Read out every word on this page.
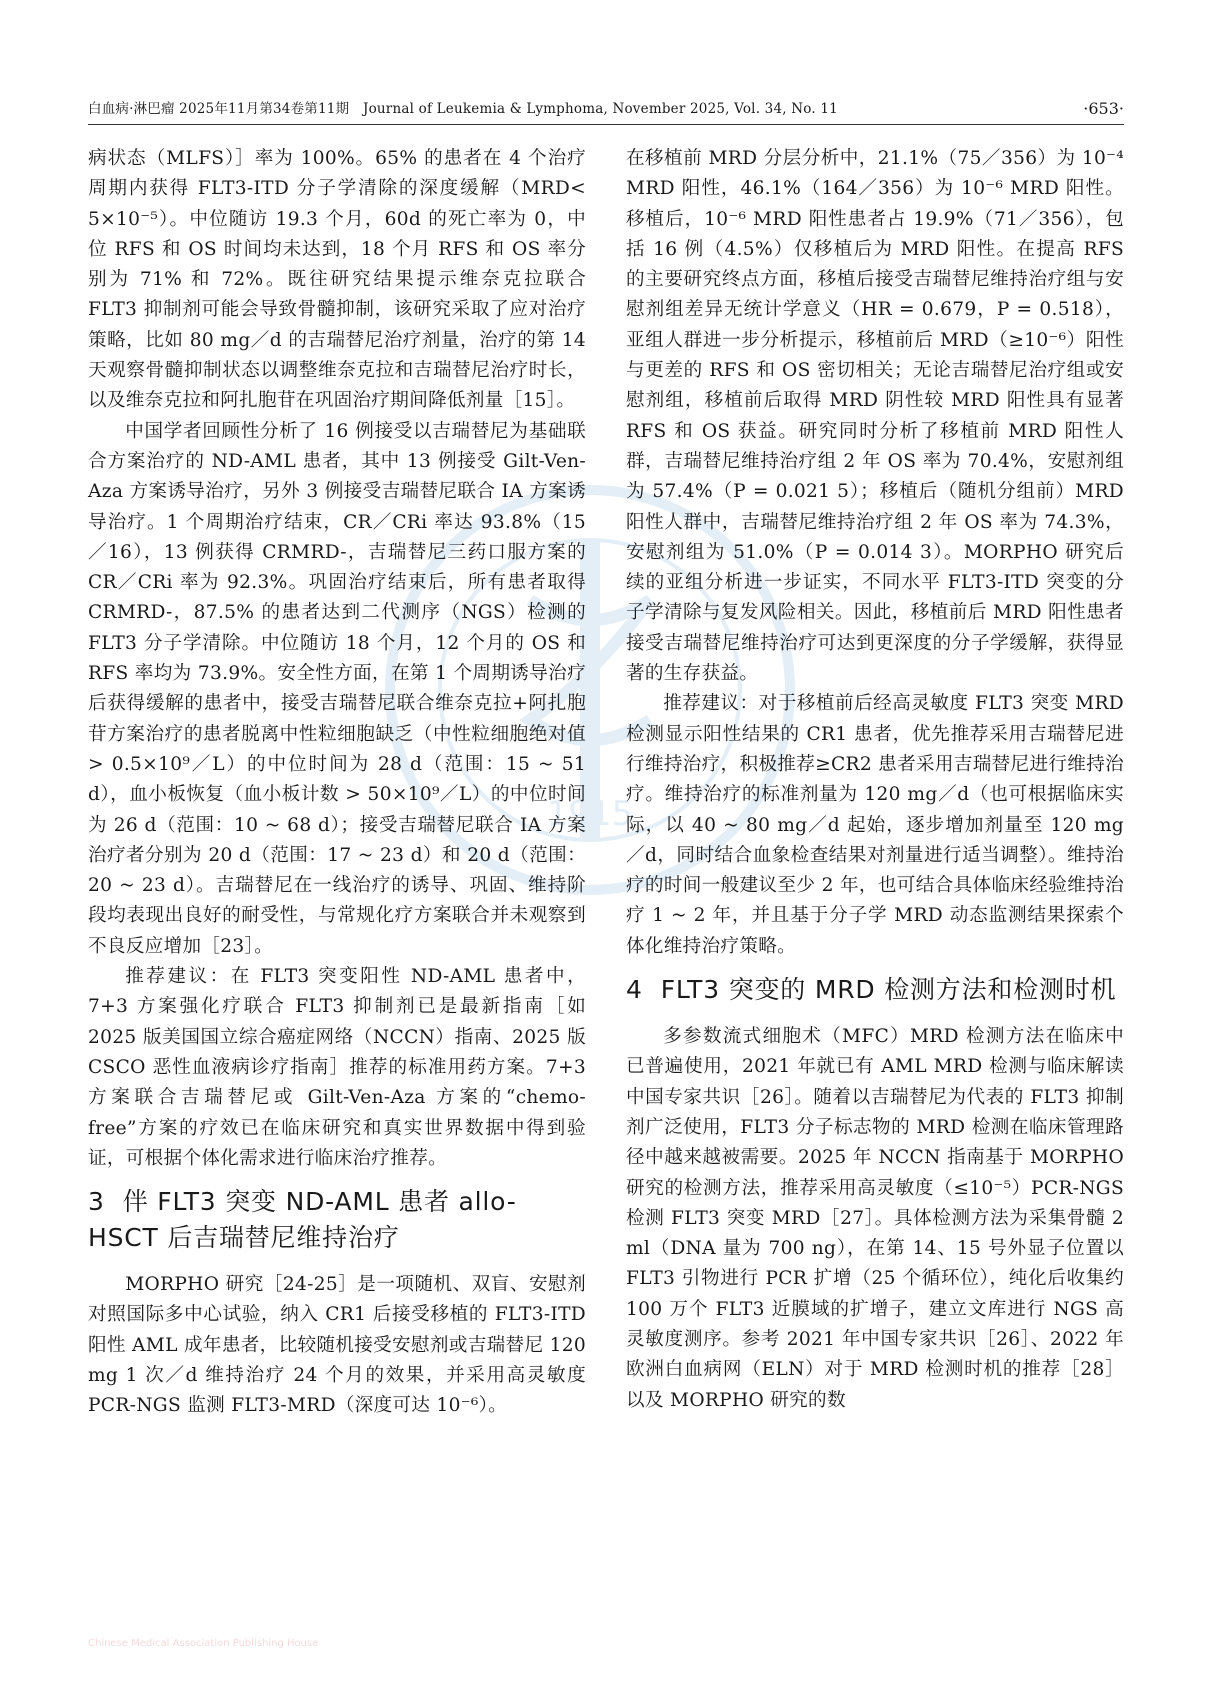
白血病·淋巴瘤 2025年11月第34卷第11期　Journal of Leukemia & Lymphoma, November 2025, Vol. 34, No. 11	·653·
1915

病状态（MLFS）］率为 100%。65% 的患者在 4 个治疗周期内获得 FLT3-ITD 分子学清除的深度缓解（MRD< 5×10⁻⁵）。中位随访 19.3 个月，60d 的死亡率为 0，中位 RFS 和 OS 时间均未达到，18 个月 RFS 和 OS 率分别为 71% 和 72%。既往研究结果提示维奈克拉联合 FLT3 抑制剂可能会导致骨髓抑制，该研究采取了应对治疗策略，比如 80 mg／d 的吉瑞替尼治疗剂量，治疗的第 14 天观察骨髓抑制状态以调整维奈克拉和吉瑞替尼治疗时长，以及维奈克拉和阿扎胞苷在巩固治疗期间降低剂量［15］。

中国学者回顾性分析了 16 例接受以吉瑞替尼为基础联合方案治疗的 ND-AML 患者，其中 13 例接受 Gilt-Ven-Aza 方案诱导治疗，另外 3 例接受吉瑞替尼联合 IA 方案诱导治疗。1 个周期治疗结束，CR／CRi 率达 93.8%（15／16），13 例获得 CRMRD-，吉瑞替尼三药口服方案的 CR／CRi 率为 92.3%。巩固治疗结束后，所有患者取得 CRMRD-，87.5% 的患者达到二代测序（NGS）检测的 FLT3 分子学清除。中位随访 18 个月，12 个月的 OS 和 RFS 率均为 73.9%。安全性方面，在第 1 个周期诱导治疗后获得缓解的患者中，接受吉瑞替尼联合维奈克拉+阿扎胞苷方案治疗的患者脱离中性粒细胞缺乏（中性粒细胞绝对值 > 0.5×10⁹／L）的中位时间为 28 d（范围：15 ~ 51 d），血小板恢复（血小板计数 > 50×10⁹／L）的中位时间为 26 d（范围：10 ~ 68 d）；接受吉瑞替尼联合 IA 方案治疗者分别为 20 d（范围：17 ~ 23 d）和 20 d（范围：20 ~ 23 d）。吉瑞替尼在一线治疗的诱导、巩固、维持阶段均表现出良好的耐受性，与常规化疗方案联合并未观察到不良反应增加［23］。

推荐建议：在 FLT3 突变阳性 ND-AML 患者中，7+3 方案强化疗联合 FLT3 抑制剂已是最新指南［如 2025 版美国国立综合癌症网络（NCCN）指南、2025 版 CSCO 恶性血液病诊疗指南］推荐的标准用药方案。7+3 方案联合吉瑞替尼或 Gilt-Ven-Aza 方案的“chemo-free”方案的疗效已在临床研究和真实世界数据中得到验证，可根据个体化需求进行临床治疗推荐。

3 伴 FLT3 突变 ND-AML 患者 allo-HSCT 后吉瑞替尼维持治疗

MORPHO 研究［24-25］是一项随机、双盲、安慰剂对照国际多中心试验，纳入 CR1 后接受移植的 FLT3-ITD 阳性 AML 成年患者，比较随机接受安慰剂或吉瑞替尼 120 mg 1 次／d 维持治疗 24 个月的效果，并采用高灵敏度 PCR-NGS 监测 FLT3-MRD（深度可达 10⁻⁶）。

在移植前 MRD 分层分析中，21.1%（75／356）为 10⁻⁴ MRD 阳性，46.1%（164／356）为 10⁻⁶ MRD 阳性。移植后，10⁻⁶ MRD 阳性患者占 19.9%（71／356），包括 16 例（4.5%）仅移植后为 MRD 阳性。在提高 RFS 的主要研究终点方面，移植后接受吉瑞替尼维持治疗组与安慰剂组差异无统计学意义（HR = 0.679，P = 0.518），亚组人群进一步分析提示，移植前后 MRD（≥10⁻⁶）阳性与更差的 RFS 和 OS 密切相关；无论吉瑞替尼治疗组或安慰剂组，移植前后取得 MRD 阴性较 MRD 阳性具有显著 RFS 和 OS 获益。研究同时分析了移植前 MRD 阳性人群，吉瑞替尼维持治疗组 2 年 OS 率为 70.4%，安慰剂组为 57.4%（P = 0.021 5）；移植后（随机分组前）MRD 阳性人群中，吉瑞替尼维持治疗组 2 年 OS 率为 74.3%，安慰剂组为 51.0%（P = 0.014 3）。MORPHO 研究后续的亚组分析进一步证实，不同水平 FLT3-ITD 突变的分子学清除与复发风险相关。因此，移植前后 MRD 阳性患者接受吉瑞替尼维持治疗可达到更深度的分子学缓解，获得显著的生存获益。

推荐建议：对于移植前后经高灵敏度 FLT3 突变 MRD 检测显示阳性结果的 CR1 患者，优先推荐采用吉瑞替尼进行维持治疗，积极推荐≥CR2 患者采用吉瑞替尼进行维持治疗。维持治疗的标准剂量为 120 mg／d（也可根据临床实际，以 40 ~ 80 mg／d 起始，逐步增加剂量至 120 mg／d，同时结合血象检查结果对剂量进行适当调整）。维持治疗的时间一般建议至少 2 年，也可结合具体临床经验维持治疗 1 ~ 2 年，并且基于分子学 MRD 动态监测结果探索个体化维持治疗策略。

4 FLT3 突变的 MRD 检测方法和检测时机

多参数流式细胞术（MFC）MRD 检测方法在临床中已普遍使用，2021 年就已有 AML MRD 检测与临床解读中国专家共识［26］。随着以吉瑞替尼为代表的 FLT3 抑制剂广泛使用，FLT3 分子标志物的 MRD 检测在临床管理路径中越来越被需要。2025 年 NCCN 指南基于 MORPHO 研究的检测方法，推荐采用高灵敏度（≤10⁻⁵）PCR-NGS 检测 FLT3 突变 MRD［27］。具体检测方法为采集骨髓 2 ml（DNA 量为 700 ng），在第 14、15 号外显子位置以 FLT3 引物进行 PCR 扩增（25 个循环位），纯化后收集约 100 万个 FLT3 近膜域的扩增子，建立文库进行 NGS 高灵敏度测序。参考 2021 年中国专家共识［26］、2022 年欧洲白血病网（ELN）对于 MRD 检测时机的推荐［28］以及 MORPHO 研究的数

Chinese Medical Association Publishing House
